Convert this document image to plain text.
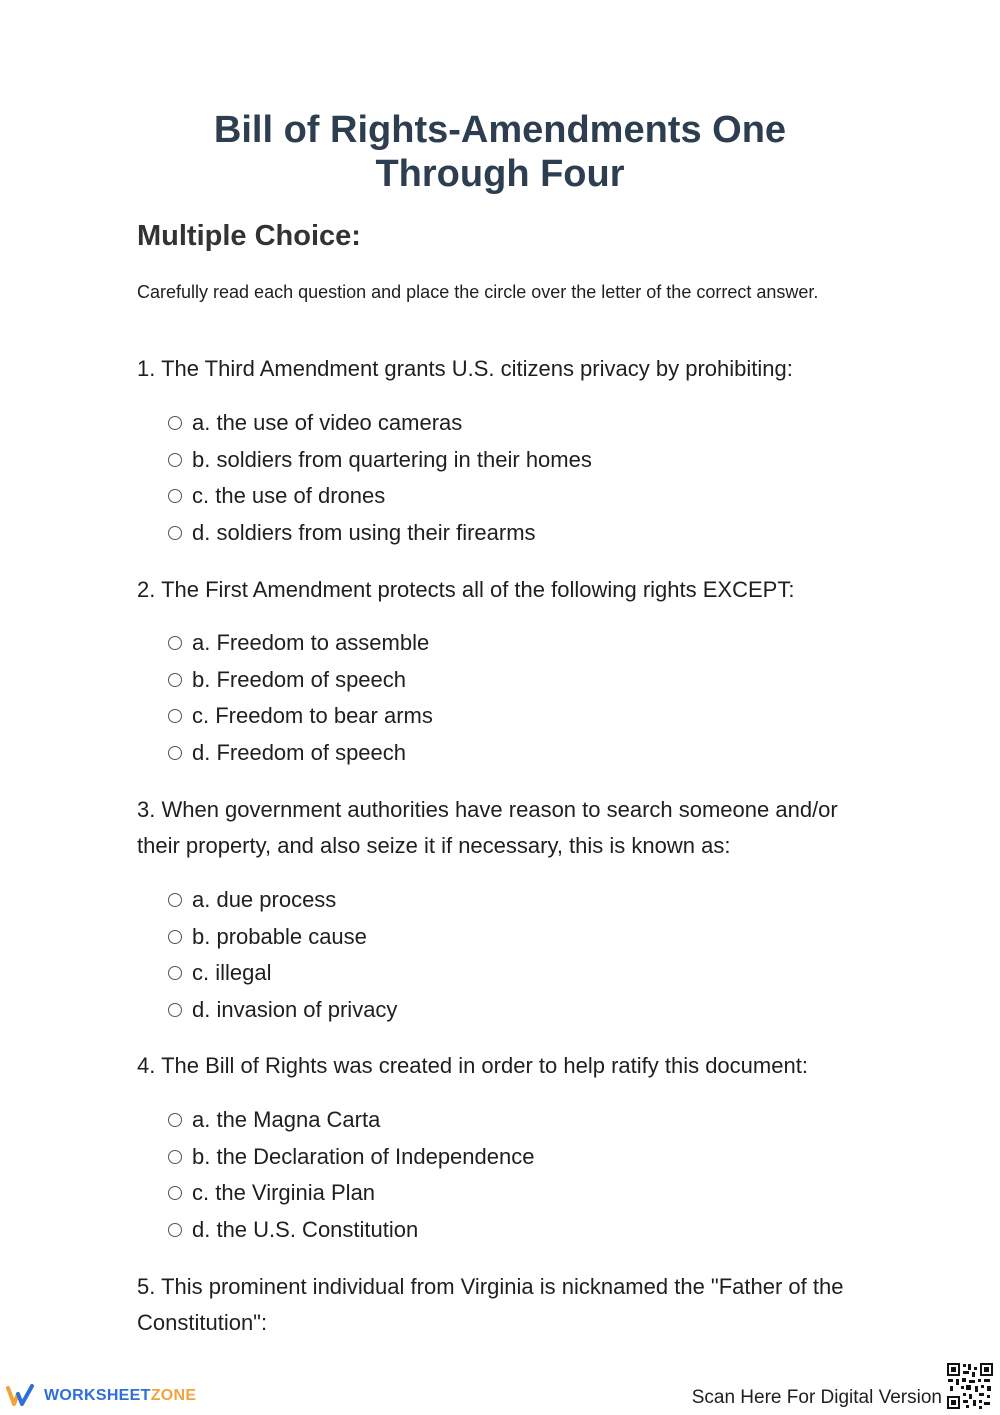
Bill of Rights-Amendments One
Through Four
Multiple Choice:
Carefully read each question and place the circle over the letter of the correct answer.
1. The Third Amendment grants U.S. citizens privacy by prohibiting:
a. the use of video cameras
b. soldiers from quartering in their homes
c. the use of drones
d. soldiers from using their firearms
2. The First Amendment protects all of the following rights EXCEPT:
a. Freedom to assemble
b. Freedom of speech
c. Freedom to bear arms
d. Freedom of speech
3. When government authorities have reason to search someone and/or their property, and also seize it if necessary, this is known as:
a. due process
b. probable cause
c. illegal
d. invasion of privacy
4. The Bill of Rights was created in order to help ratify this document:
a. the Magna Carta
b. the Declaration of Independence
c. the Virginia Plan
d. the U.S. Constitution
5. This prominent individual from Virginia is nicknamed the "Father of the Constitution":
WORKSHEETZONE	Scan Here For Digital Version
